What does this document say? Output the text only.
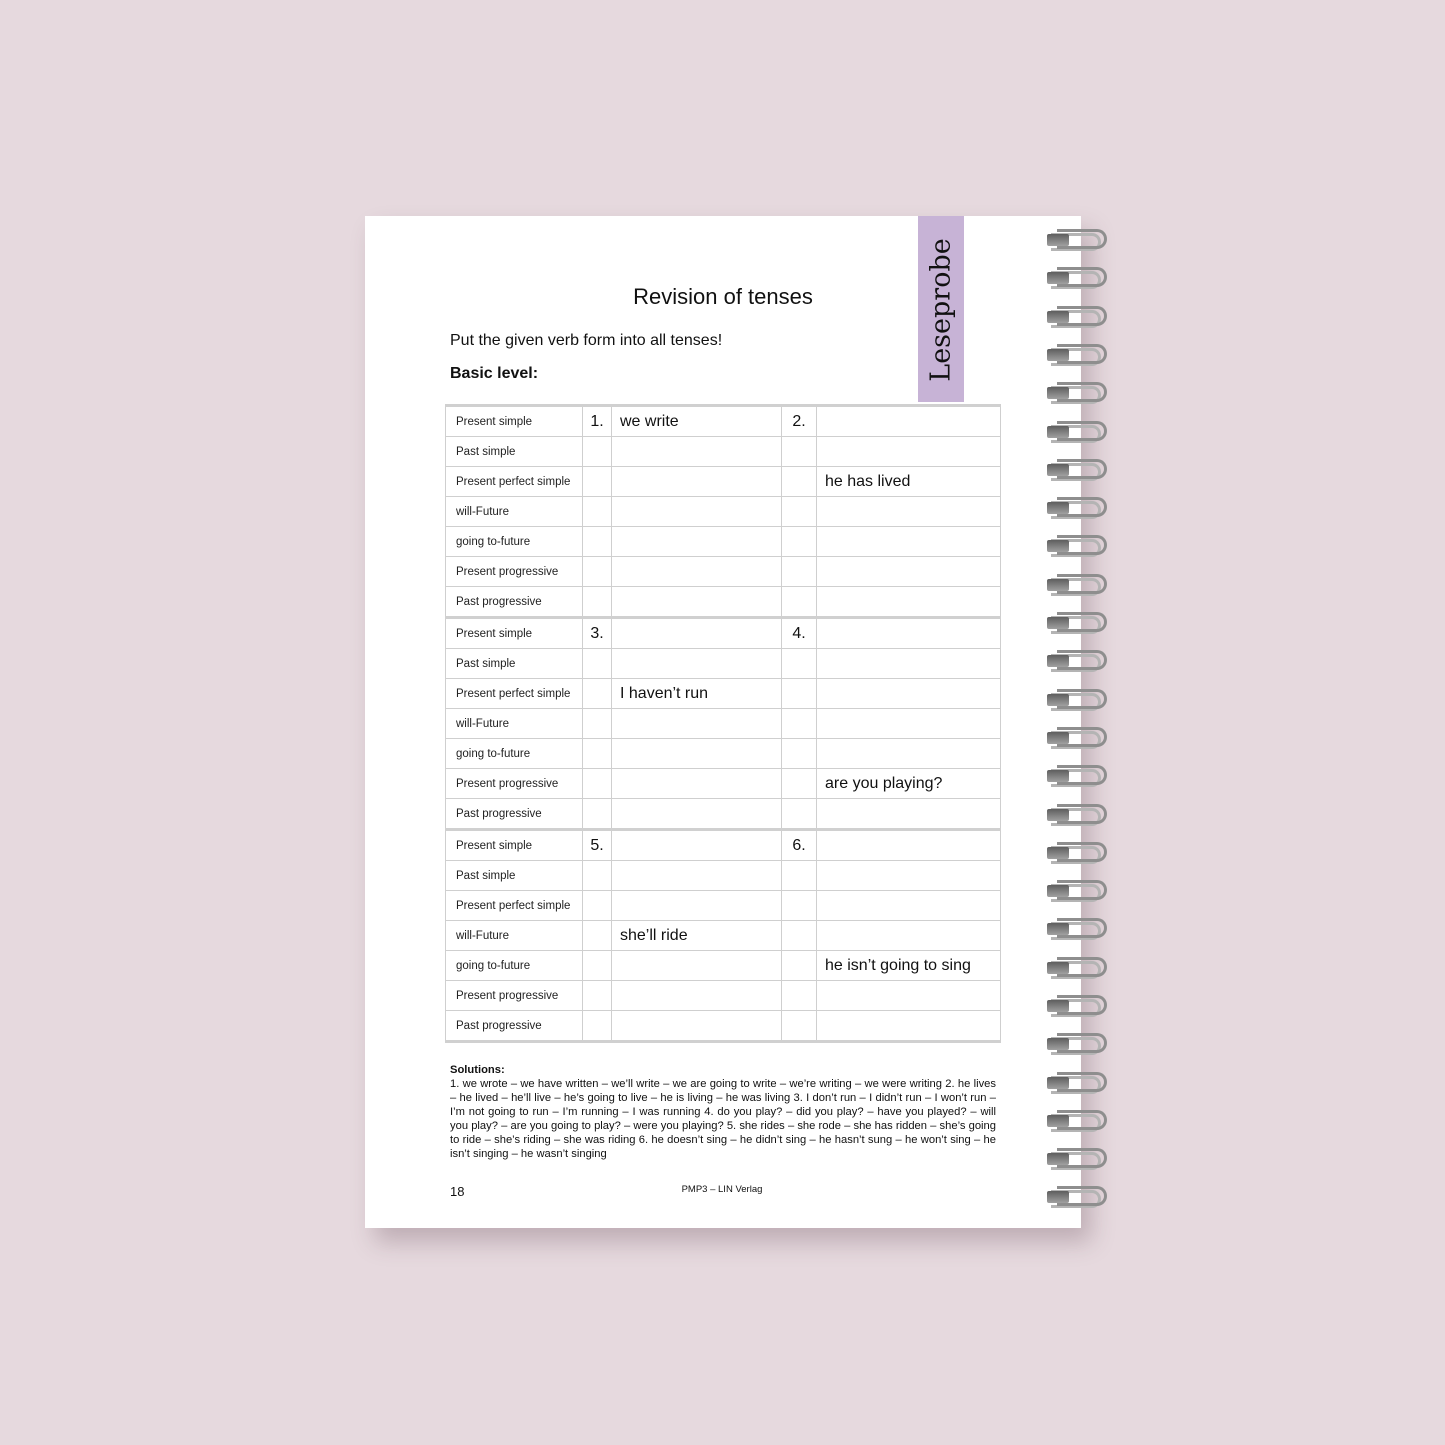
Leseprobe
Revision of tenses
Put the given verb form into all tenses!
Basic level:
Present simple	1.	we write	2.	
Past simple				
Present perfect simple				he has lived
will-Future				
going to-future				
Present progressive				
Past progressive				
Present simple	3.		4.	
Past simple				
Present perfect simple		I haven’t run		
will-Future				
going to-future				
Present progressive				are you playing?
Past progressive				
Present simple	5.		6.	
Past simple				
Present perfect simple				
will-Future		she’ll ride		
going to-future				he isn’t going to sing
Present progressive				
Past progressive				
Solutions:
1. we wrote – we have written – we’ll write – we are going to write – we’re writing – we were writing 2. he lives – he lived – he’ll live – he’s going to live – he is living – he was living 3. I don’t run – I didn’t run – I won’t run – I’m not going to run – I’m running – I was running 4. do you play? – did you play? – have you played? – will you play? – are you going to play? – were you playing? 5. she rides – she rode – she has ridden – she’s going to ride – she’s riding – she was riding 6. he doesn’t sing – he didn’t sing – he hasn’t sung – he won’t sing – he isn’t singing – he wasn’t singing
18	PMP3 – LIN Verlag
